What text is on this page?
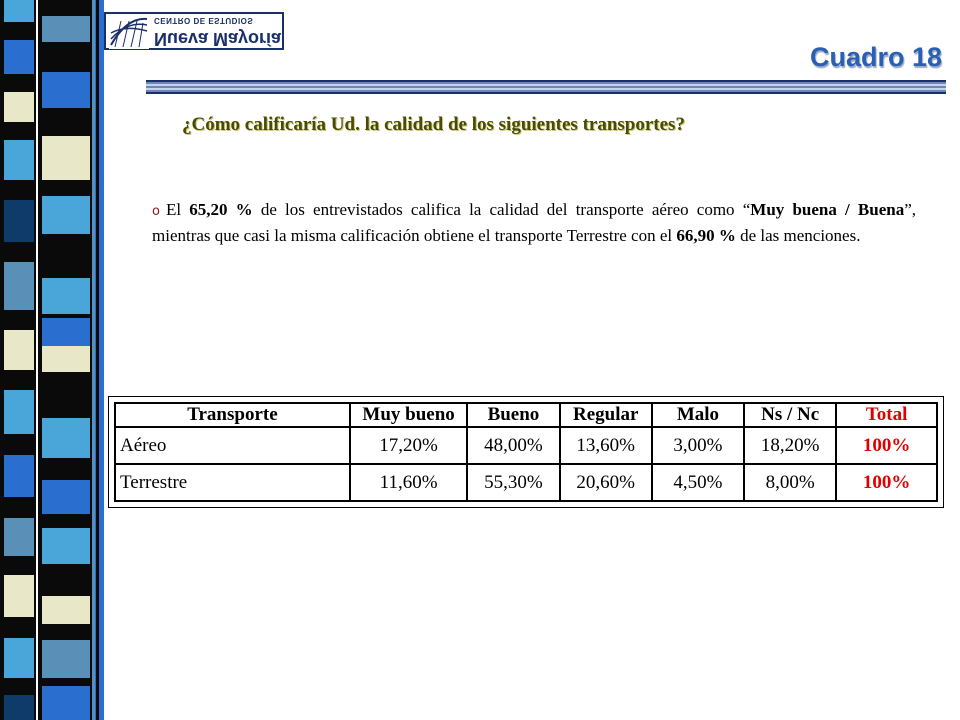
CENTRO DE ESTUDIOS
Nueva Mayoría
Cuadro 18
¿Cómo calificaría Ud. la calidad de los siguientes transportes?

o El 65,20 % de los entrevistados califica la calidad del transporte aéreo como “Muy buena / Buena”, mientras que casi la misma calificación obtiene el transporte Terrestre con el 66,90 % de las menciones.

Transporte	Muy bueno	Bueno	Regular	Malo	Ns / Nc	Total
Aéreo	17,20%	48,00%	13,60%	3,00%	18,20%	100%
Terrestre	11,60%	55,30%	20,60%	4,50%	8,00%	100%
